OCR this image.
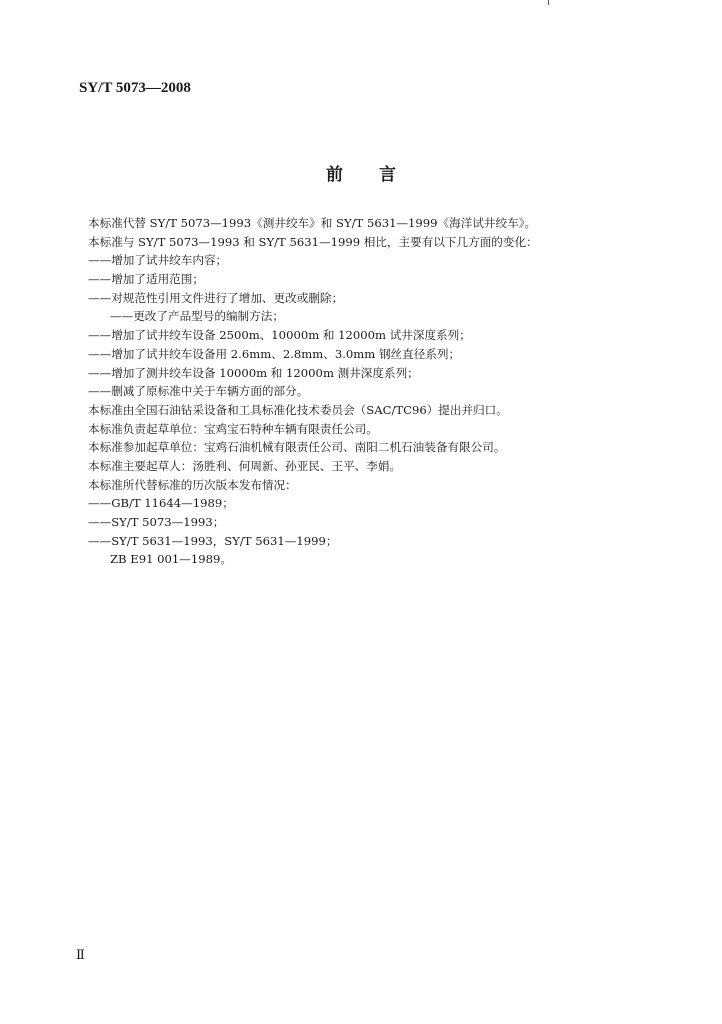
SY/T 5073—2008
前言
本标准代替 SY/T 5073—1993《测井绞车》和 SY/T 5631—1999《海洋试井绞车》。
本标准与 SY/T 5073—1993 和 SY/T 5631—1999 相比，主要有以下几方面的变化：
——增加了试井绞车内容；
——增加了适用范围；
——对规范性引用文件进行了增加、更改或删除；
——更改了产品型号的编制方法；
——增加了试井绞车设备 2500m、10000m 和 12000m 试井深度系列；
——增加了试井绞车设备用 2.6mm、2.8mm、3.0mm 钢丝直径系列；
——增加了测井绞车设备 10000m 和 12000m 测井深度系列；
——删减了原标准中关于车辆方面的部分。
本标准由全国石油钻采设备和工具标准化技术委员会（SAC/TC96）提出并归口。
本标准负责起草单位：宝鸡宝石特种车辆有限责任公司。
本标准参加起草单位：宝鸡石油机械有限责任公司、南阳二机石油装备有限公司。
本标准主要起草人：汤胜利、何周新、孙亚民、王平、李娟。
本标准所代替标准的历次版本发布情况：
——GB/T 11644—1989；
——SY/T 5073—1993；
——SY/T 5631—1993，SY/T 5631—1999；
ZB E91 001—1989。
Ⅱ
